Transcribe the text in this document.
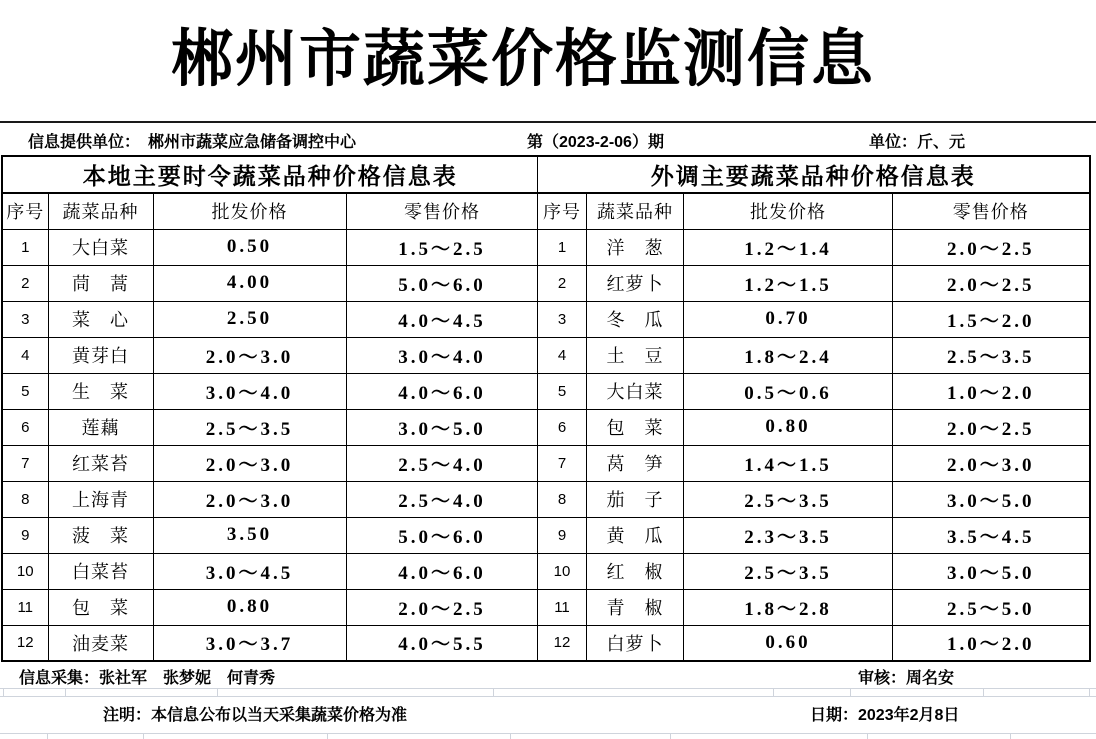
郴州市蔬菜价格监测信息
信息提供单位： 郴州市蔬菜应急储备调控中心	第（2023-2-06）期	单位：斤、元
本地主要时令蔬菜品种价格信息表			
序号	蔬菜品种	批发价格	零售价格
1	大白菜	0.50	1.5～2.5
2	茼　蒿	4.00	5.0～6.0
3	菜　心	2.50	4.0～4.5
4	黄芽白	2.0～3.0	3.0～4.0
5	生　菜	3.0～4.0	4.0～6.0
6	莲藕	2.5～3.5	3.0～5.0
7	红菜苔	2.0～3.0	2.5～4.0
8	上海青	2.0～3.0	2.5～4.0
9	菠　菜	3.50	5.0～6.0
10	白菜苔	3.0～4.5	4.0～6.0
11	包　菜	0.80	2.0～2.5
12	油麦菜	3.0～3.7	4.0～5.5
外调主要蔬菜品种价格信息表			
序号	蔬菜品种	批发价格	零售价格
1	洋　葱	1.2～1.4	2.0～2.5
2	红萝卜	1.2～1.5	2.0～2.5
3	冬　瓜	0.70	1.5～2.0
4	土　豆	1.8～2.4	2.5～3.5
5	大白菜	0.5～0.6	1.0～2.0
6	包　菜	0.80	2.0～2.5
7	莴　笋	1.4～1.5	2.0～3.0
8	茄　子	2.5～3.5	3.0～5.0
9	黄　瓜	2.3～3.5	3.5～4.5
10	红　椒	2.5～3.5	3.0～5.0
11	青　椒	1.8～2.8	2.5～5.0
12	白萝卜	0.60	1.0～2.0
信息采集：张社军　张梦妮　何青秀	审核：周名安
注明：本信息公布以当天采集蔬菜价格为准	日期：2023年2月8日
